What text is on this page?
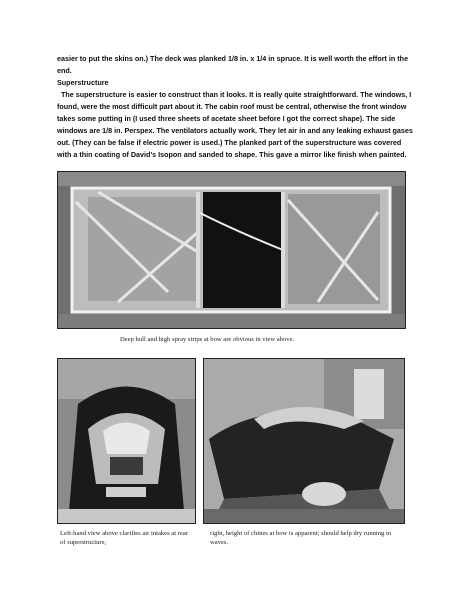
easier to put the skins on.) The deck was planked 1/8 in. x 1/4 in spruce. It is well worth the effort in the end.

Superstructure

The superstructure is easier to construct than it looks. It is really quite straightforward. The windows, I found, were the most difficult part about it. The cabin roof must be central, otherwise the front window takes some putting in (I used three sheets of acetate sheet before I got the correct shape). The side windows are 1/8 in. Perspex. The ventilators actually work. They let air in and any leaking exhaust gases out. (They can be false if electric power is used.) The planked part of the superstructure was covered with a thin coating of David's Isopon and sanded to shape. This gave a mirror like finish when painted.

Deep hull and high spray strips at bow are obvious in view above.
Left-hand view above clarifies air intakes at rear of superstructure,
right, height of chines at bow is apparent; should help dry running in waves.
